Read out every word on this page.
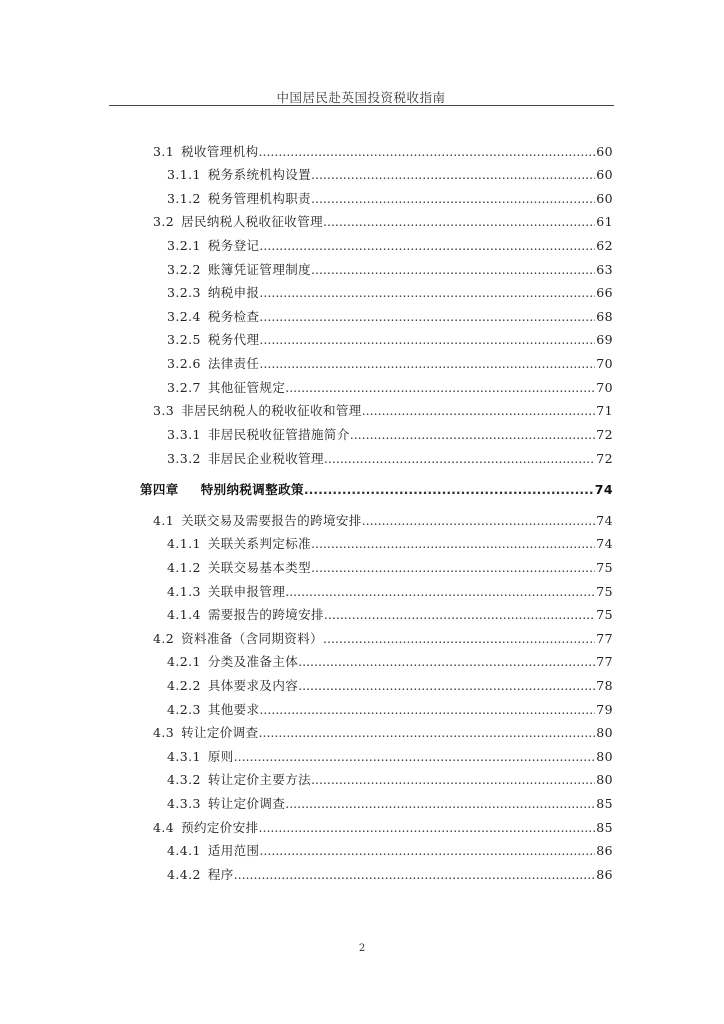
中国居民赴英国投资税收指南
3.1 税收管理机构 .....	60
3.1.1 税务系统机构设置 .....	60
3.1.2 税务管理机构职责 .....	60
3.2 居民纳税人税收征收管理 .....	61
3.2.1 税务登记 .....	62
3.2.2 账簿凭证管理制度 .....	63
3.2.3 纳税申报 .....	66
3.2.4 税务检查 .....	68
3.2.5 税务代理 .....	69
3.2.6 法律责任 .....	70
3.2.7 其他征管规定 .....	70
3.3 非居民纳税人的税收征收和管理 .....	71
3.3.1 非居民税收征管措施简介 .....	72
3.3.2 非居民企业税收管理 .....	72
第四章 特别纳税调整政策 .....	74
4.1 关联交易及需要报告的跨境安排 .....	74
4.1.1 关联关系判定标准 .....	74
4.1.2 关联交易基本类型 .....	75
4.1.3 关联申报管理 .....	75
4.1.4 需要报告的跨境安排 .....	75
4.2 资料准备（含同期资料） .....	77
4.2.1 分类及准备主体 .....	77
4.2.2 具体要求及内容 .....	78
4.2.3 其他要求 .....	79
4.3 转让定价调查 .....	80
4.3.1 原则 .....	80
4.3.2 转让定价主要方法 .....	80
4.3.3 转让定价调查 .....	85
4.4 预约定价安排 .....	85
4.4.1 适用范围 .....	86
4.4.2 程序 .....	86
2
